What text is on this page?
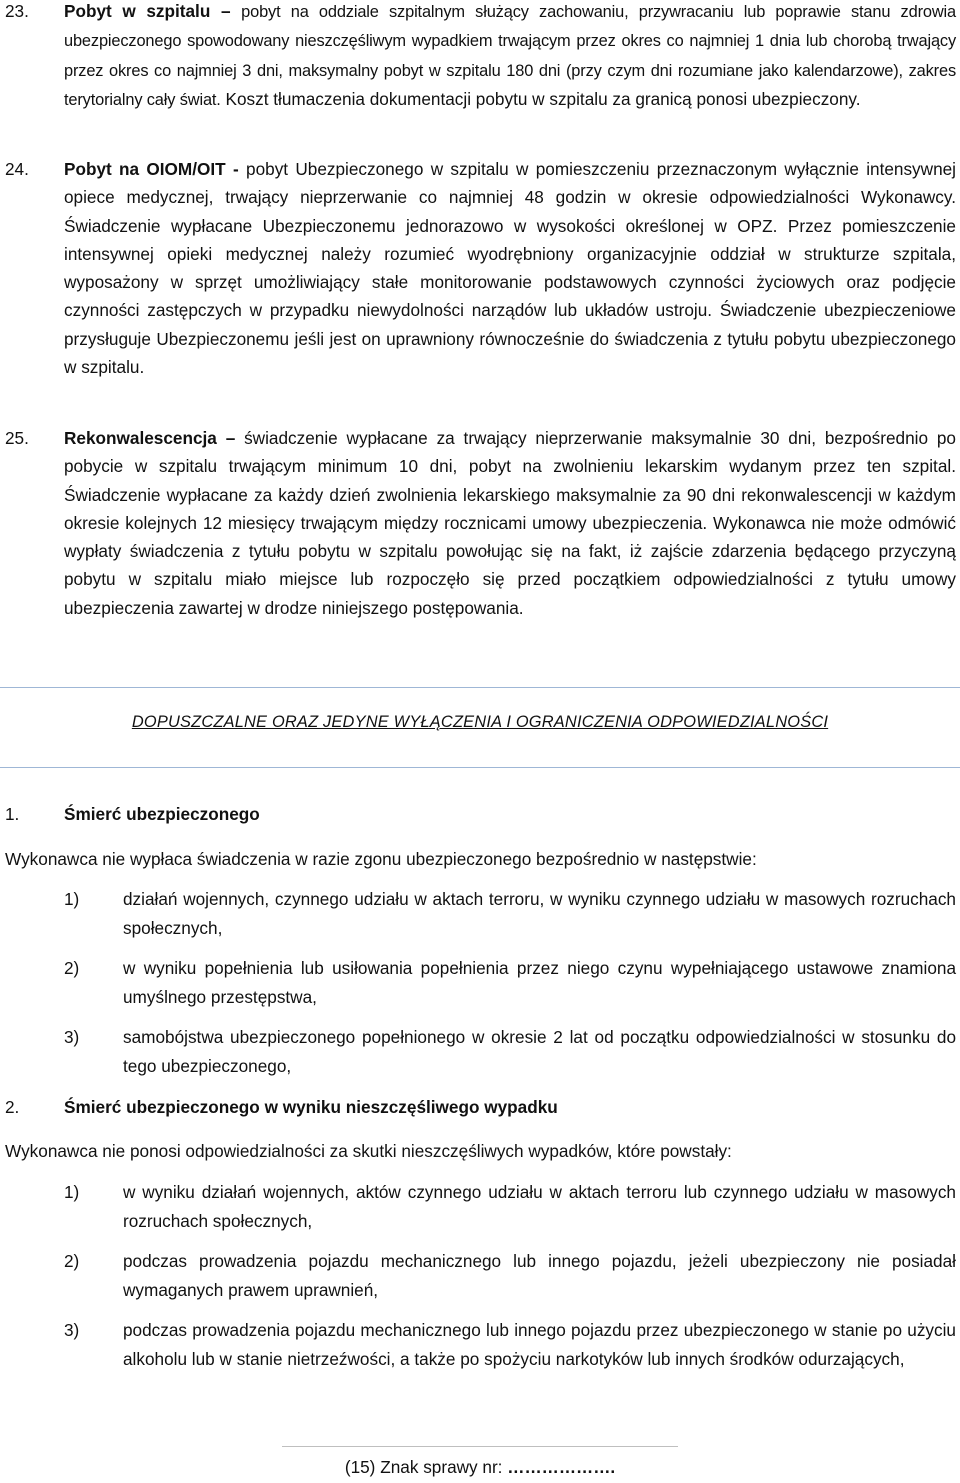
23. Pobyt w szpitalu – pobyt na oddziale szpitalnym służący zachowaniu, przywracaniu lub poprawie stanu zdrowia ubezpieczonego spowodowany nieszczęśliwym wypadkiem trwającym przez okres co najmniej 1 dnia lub chorobą trwający przez okres co najmniej 3 dni, maksymalny pobyt w szpitalu 180 dni (przy czym dni rozumiane jako kalendarzowe), zakres terytorialny cały świat. Koszt tłumaczenia dokumentacji pobytu w szpitalu za granicą ponosi ubezpieczony.
24. Pobyt na OIOM/OIT - pobyt Ubezpieczonego w szpitalu w pomieszczeniu przeznaczonym wyłącznie intensywnej opiece medycznej, trwający nieprzerwanie co najmniej 48 godzin w okresie odpowiedzialności Wykonawcy. Świadczenie wypłacane Ubezpieczonemu jednorazowo w wysokości określonej w OPZ. Przez pomieszczenie intensywnej opieki medycznej należy rozumieć wyodrębniony organizacyjnie oddział w strukturze szpitala, wyposażony w sprzęt umożliwiający stałe monitorowanie podstawowych czynności życiowych oraz podjęcie czynności zastępczych w przypadku niewydolności narządów lub układów ustroju. Świadczenie ubezpieczeniowe przysługuje Ubezpieczonemu jeśli jest on uprawniony równocześnie do świadczenia z tytułu pobytu ubezpieczonego w szpitalu.
25. Rekonwalescencja – świadczenie wypłacane za trwający nieprzerwanie maksymalnie 30 dni, bezpośrednio po pobycie w szpitalu trwającym minimum 10 dni, pobyt na zwolnieniu lekarskim wydanym przez ten szpital. Świadczenie wypłacane za każdy dzień zwolnienia lekarskiego maksymalnie za 90 dni rekonwalescencji w każdym okresie kolejnych 12 miesięcy trwającym między rocznicami umowy ubezpieczenia. Wykonawca nie może odmówić wypłaty świadczenia z tytułu pobytu w szpitalu powołując się na fakt, iż zajście zdarzenia będącego przyczyną pobytu w szpitalu miało miejsce lub rozpoczęło się przed początkiem odpowiedzialności z tytułu umowy ubezpieczenia zawartej w drodze niniejszego postępowania.
DOPUSZCZALNE ORAZ JEDYNE WYŁĄCZENIA I OGRANICZENIA ODPOWIEDZIALNOŚCI
1.	Śmierć ubezpieczonego
Wykonawca nie wypłaca świadczenia w razie zgonu ubezpieczonego bezpośrednio w następstwie:
1)	działań wojennych, czynnego udziału w aktach terroru, w wyniku czynnego udziału w masowych rozruchach społecznych,
2)	w wyniku popełnienia lub usiłowania popełnienia przez niego czynu wypełniającego ustawowe znamiona umyślnego przestępstwa,
3)	samobójstwa ubezpieczonego popełnionego w okresie 2 lat od początku odpowiedzialności w stosunku do tego ubezpieczonego,
2.	Śmierć ubezpieczonego w wyniku nieszczęśliwego wypadku
Wykonawca nie ponosi odpowiedzialności za skutki nieszczęśliwych wypadków, które powstały:
1)	w wyniku działań wojennych, aktów czynnego udziału w aktach terroru lub czynnego udziału w masowych rozruchach społecznych,
2)	podczas prowadzenia pojazdu mechanicznego lub innego pojazdu, jeżeli ubezpieczony nie posiadał wymaganych prawem uprawnień,
3)	podczas prowadzenia pojazdu mechanicznego lub innego pojazdu przez ubezpieczonego w stanie po użyciu alkoholu lub w stanie nietrzeźwości, a także po spożyciu narkotyków lub innych środków odurzających,
(15) Znak sprawy nr: ……………….
